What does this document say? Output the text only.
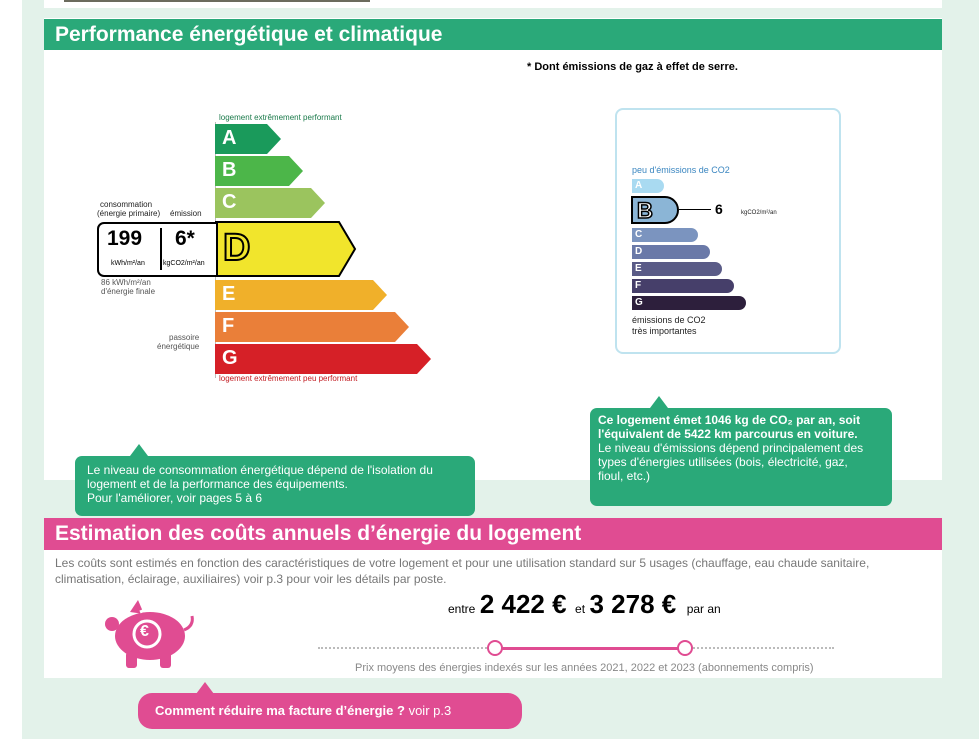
Performance énergétique et climatique
* Dont émissions de gaz à effet de serre.
logement extrêmement performant
logement extrêmement peu performant
A
B
C
D
E
F
G
consommation
(énergie primaire) émission
199 6*
kWh/m²/an	kgCO2/m²/an
86 kWh/m²/an
d'énergie finale
passoire
énergétique
peu d'émissions de CO2
A
B	6	kgCO2/m²/an
C
D
E
F
G
émissions de CO2
très importantes
Le niveau de consommation énergétique dépend de l'isolation du
logement et de la performance des équipements.
Pour l'améliorer, voir pages 5 à 6
Ce logement émet 1046 kg de CO₂ par an, soit
l'équivalent de 5422 km parcourus en voiture.
Le niveau d'émissions dépend principalement des
types d'énergies utilisées (bois, électricité, gaz,
fioul, etc.)
Estimation des coûts annuels d’énergie du logement
Les coûts sont estimés en fonction des caractéristiques de votre logement et pour une utilisation standard sur 5 usages (chauffage, eau chaude sanitaire, climatisation, éclairage, auxiliaires) voir p.3 pour voir les détails par poste.
€
entre 2 422 € et 3 278 € par an
Prix moyens des énergies indexés sur les années 2021, 2022 et 2023 (abonnements compris)
Comment réduire ma facture d’énergie ? voir p.3
